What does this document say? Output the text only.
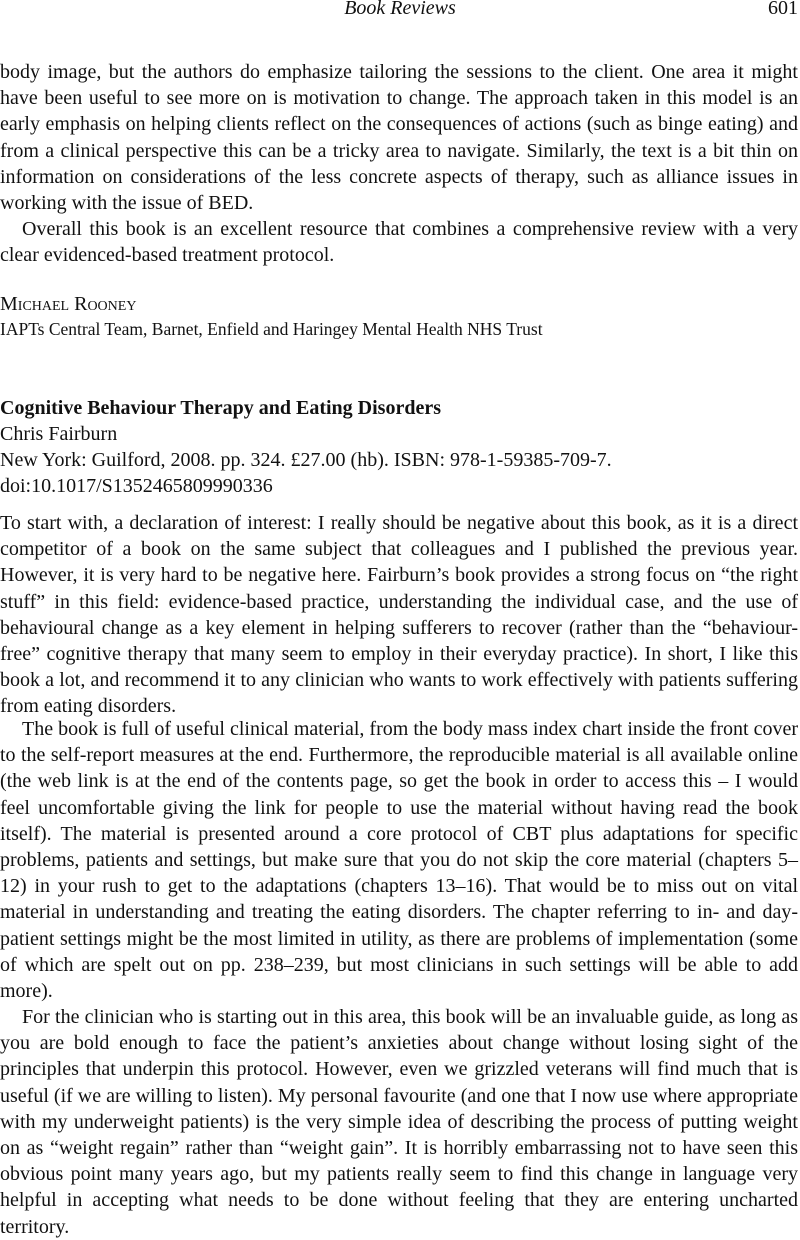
Book Reviews	601

body image, but the authors do emphasize tailoring the sessions to the client. One area it might have been useful to see more on is motivation to change. The approach taken in this model is an early emphasis on helping clients reflect on the consequences of actions (such as binge eating) and from a clinical perspective this can be a tricky area to navigate. Similarly, the text is a bit thin on information on considerations of the less concrete aspects of therapy, such as alliance issues in working with the issue of BED.

Overall this book is an excellent resource that combines a comprehensive review with a very clear evidenced-based treatment protocol.

Michael Rooney
IAPTs Central Team, Barnet, Enfield and Haringey Mental Health NHS Trust
Cognitive Behaviour Therapy and Eating Disorders
Chris Fairburn
New York: Guilford, 2008. pp. 324. £27.00 (hb). ISBN: 978-1-59385-709-7.
doi:10.1017/S1352465809990336

To start with, a declaration of interest: I really should be negative about this book, as it is a direct competitor of a book on the same subject that colleagues and I published the previous year. However, it is very hard to be negative here. Fairburn’s book provides a strong focus on “the right stuff” in this field: evidence-based practice, understanding the individual case, and the use of behavioural change as a key element in helping sufferers to recover (rather than the “behaviour-free” cognitive therapy that many seem to employ in their everyday practice). In short, I like this book a lot, and recommend it to any clinician who wants to work effectively with patients suffering from eating disorders.

The book is full of useful clinical material, from the body mass index chart inside the front cover to the self-report measures at the end. Furthermore, the reproducible material is all available online (the web link is at the end of the contents page, so get the book in order to access this – I would feel uncomfortable giving the link for people to use the material without having read the book itself). The material is presented around a core protocol of CBT plus adaptations for specific problems, patients and settings, but make sure that you do not skip the core material (chapters 5–12) in your rush to get to the adaptations (chapters 13–16). That would be to miss out on vital material in understanding and treating the eating disorders. The chapter referring to in- and day-patient settings might be the most limited in utility, as there are problems of implementation (some of which are spelt out on pp. 238–239, but most clinicians in such settings will be able to add more).

For the clinician who is starting out in this area, this book will be an invaluable guide, as long as you are bold enough to face the patient’s anxieties about change without losing sight of the principles that underpin this protocol. However, even we grizzled veterans will find much that is useful (if we are willing to listen). My personal favourite (and one that I now use where appropriate with my underweight patients) is the very simple idea of describing the process of putting weight on as “weight regain” rather than “weight gain”. It is horribly embarrassing not to have seen this obvious point many years ago, but my patients really seem to find this change in language very helpful in accepting what needs to be done without feeling that they are entering uncharted territory.
